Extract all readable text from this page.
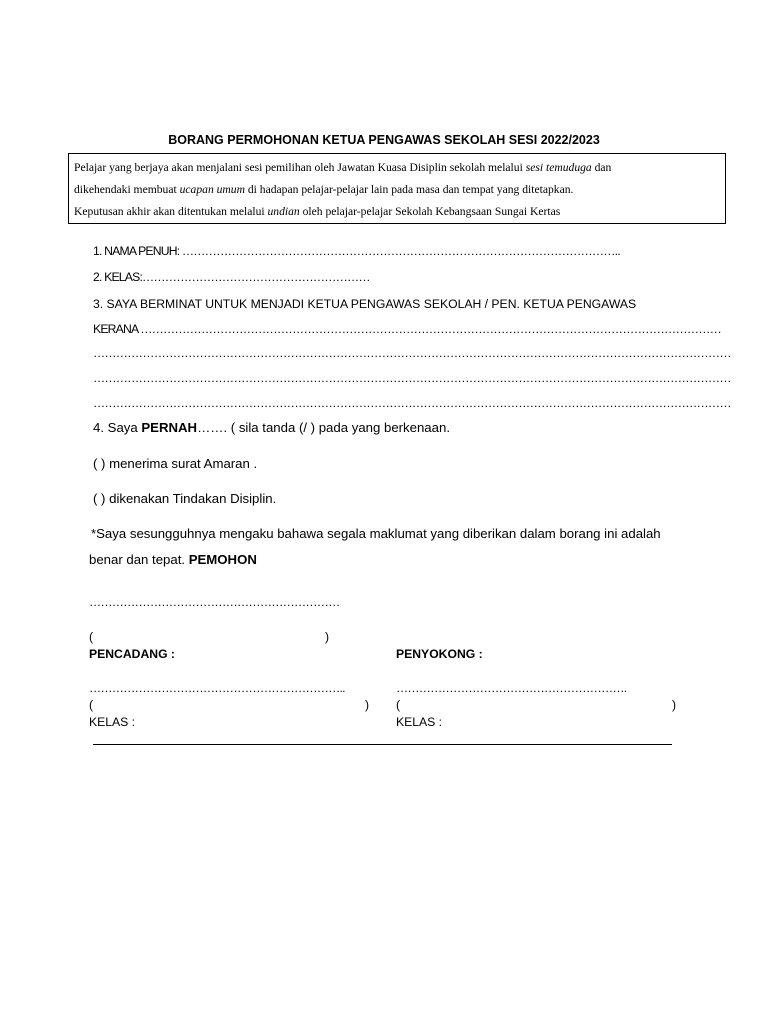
BORANG PERMOHONAN KETUA PENGAWAS SEKOLAH SESI 2022/2023

Pelajar yang berjaya akan menjalani sesi pemilihan oleh Jawatan Kuasa Disiplin sekolah melalui sesi temuduga dan

dikehendaki membuat ucapan umum di hadapan pelajar-pelajar lain pada masa dan tempat yang ditetapkan.

Keputusan akhir akan ditentukan melalui undian oleh pelajar-pelajar Sekolah Kebangsaan Sungai Kertas

1. NAMA PENUH: ……………………………………………………………………………………………………..
2. KELAS:……………………………………………………
3. SAYA BERMINAT UNTUK MENJADI KETUA PENGAWAS SEKOLAH / PEN. KETUA PENGAWAS
KERANA ………………………………………………………………………………………………………………………………………
……………………………………………………………………………………………………………………………………………………
……………………………………………………………………………………………………………………………………………………
……………………………………………………………………………………………………………………………………………………
4. Saya PERNAH……. ( sila tanda (/ ) pada yang berkenaan.
( ) menerima surat Amaran .
( ) dikenakan Tindakan Disiplin.
*Saya sesungguhnya mengaku bahawa segala maklumat yang diberikan dalam borang ini adalah
benar dan tepat. PEMOHON
…………………………………………………………
(	)
PENCADANG :	PENYOKONG :
…………………………………………………………..	…………………………………………………….
(	) (	)
KELAS :	KELAS :
